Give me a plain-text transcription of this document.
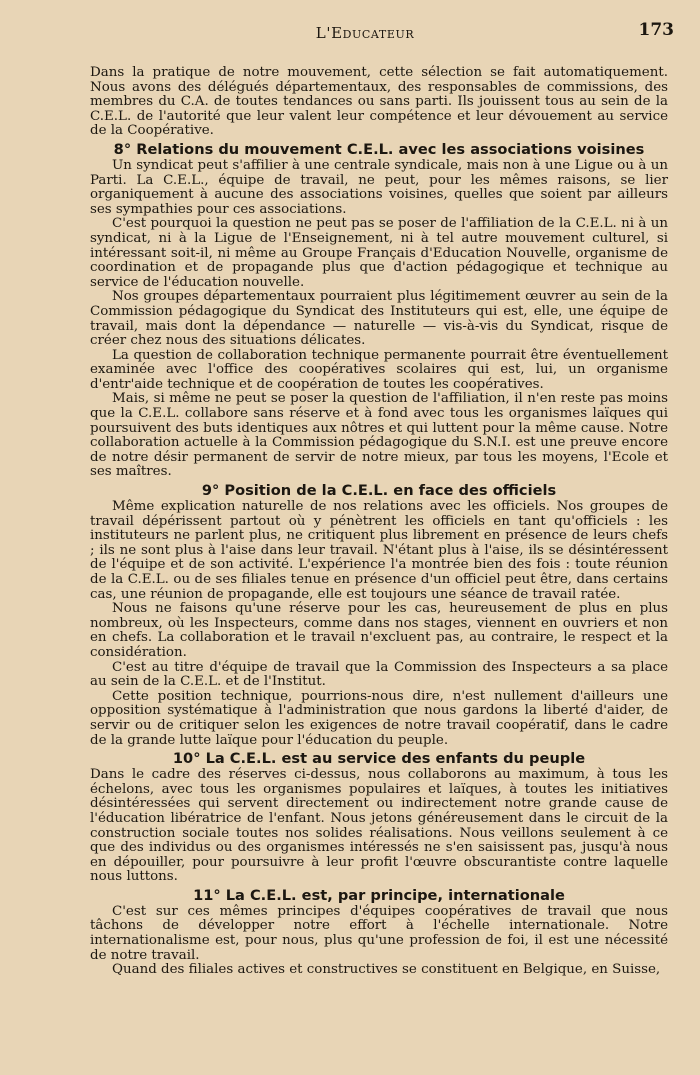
L'Educateur	173

Dans la pratique de notre mouvement, cette sélection se fait automatiquement. Nous avons des délégués départementaux, des responsables de commissions, des membres du C.A. de toutes tendances ou sans parti. Ils jouissent tous au sein de la C.E.L. de l'autorité que leur valent leur compétence et leur dévouement au service de la Coopérative.

8° Relations du mouvement C.E.L. avec les associations voisines

Un syndicat peut s'affilier à une centrale syndicale, mais non à une Ligue ou à un Parti. La C.E.L., équipe de travail, ne peut, pour les mêmes raisons, se lier organiquement à aucune des associations voisines, quelles que soient par ailleurs ses sympathies pour ces associations.

C'est pourquoi la question ne peut pas se poser de l'affiliation de la C.E.L. ni à un syndicat, ni à la Ligue de l'Enseignement, ni à tel autre mouvement culturel, si intéressant soit-il, ni même au Groupe Français d'Education Nouvelle, organisme de coordination et de propagande plus que d'action pédagogique et technique au service de l'éducation nouvelle.

Nos groupes départementaux pourraient plus légitimement œuvrer au sein de la Commission pédagogique du Syndicat des Instituteurs qui est, elle, une équipe de travail, mais dont la dépendance — naturelle — vis-à-vis du Syndicat, risque de créer chez nous des situations délicates.

La question de collaboration technique permanente pourrait être éventuellement examinée avec l'office des coopératives scolaires qui est, lui, un organisme d'entr'aide technique et de coopération de toutes les coopératives.

Mais, si même ne peut se poser la question de l'affiliation, il n'en reste pas moins que la C.E.L. collabore sans réserve et à fond avec tous les organismes laïques qui poursuivent des buts identiques aux nôtres et qui luttent pour la même cause. Notre collaboration actuelle à la Commission pédagogique du S.N.I. est une preuve encore de notre désir permanent de servir de notre mieux, par tous les moyens, l'Ecole et ses maîtres.

9° Position de la C.E.L. en face des officiels

Même explication naturelle de nos relations avec les officiels. Nos groupes de travail dépérissent partout où y pénètrent les officiels en tant qu'officiels : les instituteurs ne parlent plus, ne critiquent plus librement en présence de leurs chefs ; ils ne sont plus à l'aise dans leur travail. N'étant plus à l'aise, ils se désintéressent de l'équipe et de son activité. L'expérience l'a montrée bien des fois : toute réunion de la C.E.L. ou de ses filiales tenue en présence d'un officiel peut être, dans certains cas, une réunion de propagande, elle est toujours une séance de travail ratée.

Nous ne faisons qu'une réserve pour les cas, heureusement de plus en plus nombreux, où les Inspecteurs, comme dans nos stages, viennent en ouvriers et non en chefs. La collaboration et le travail n'excluent pas, au contraire, le respect et la considération.

C'est au titre d'équipe de travail que la Commission des Inspecteurs a sa place au sein de la C.E.L. et de l'Institut.

Cette position technique, pourrions-nous dire, n'est nullement d'ailleurs une opposition systématique à l'administration que nous gardons la liberté d'aider, de servir ou de critiquer selon les exigences de notre travail coopératif, dans le cadre de la grande lutte laïque pour l'éducation du peuple.

10° La C.E.L. est au service des enfants du peuple

Dans le cadre des réserves ci-dessus, nous collaborons au maximum, à tous les échelons, avec tous les organismes populaires et laïques, à toutes les initiatives désintéressées qui servent directement ou indirectement notre grande cause de l'éducation libératrice de l'enfant. Nous jetons généreusement dans le circuit de la construction sociale toutes nos solides réalisations. Nous veillons seulement à ce que des individus ou des organismes intéressés ne s'en saisissent pas, jusqu'à nous en dépouiller, pour poursuivre à leur profit l'œuvre obscurantiste contre laquelle nous luttons.

11° La C.E.L. est, par principe, internationale

C'est sur ces mêmes principes d'équipes coopératives de travail que nous tâchons de développer notre effort à l'échelle internationale. Notre internationalisme est, pour nous, plus qu'une profession de foi, il est une nécessité de notre travail.

Quand des filiales actives et constructives se constituent en Belgique, en Suisse,
